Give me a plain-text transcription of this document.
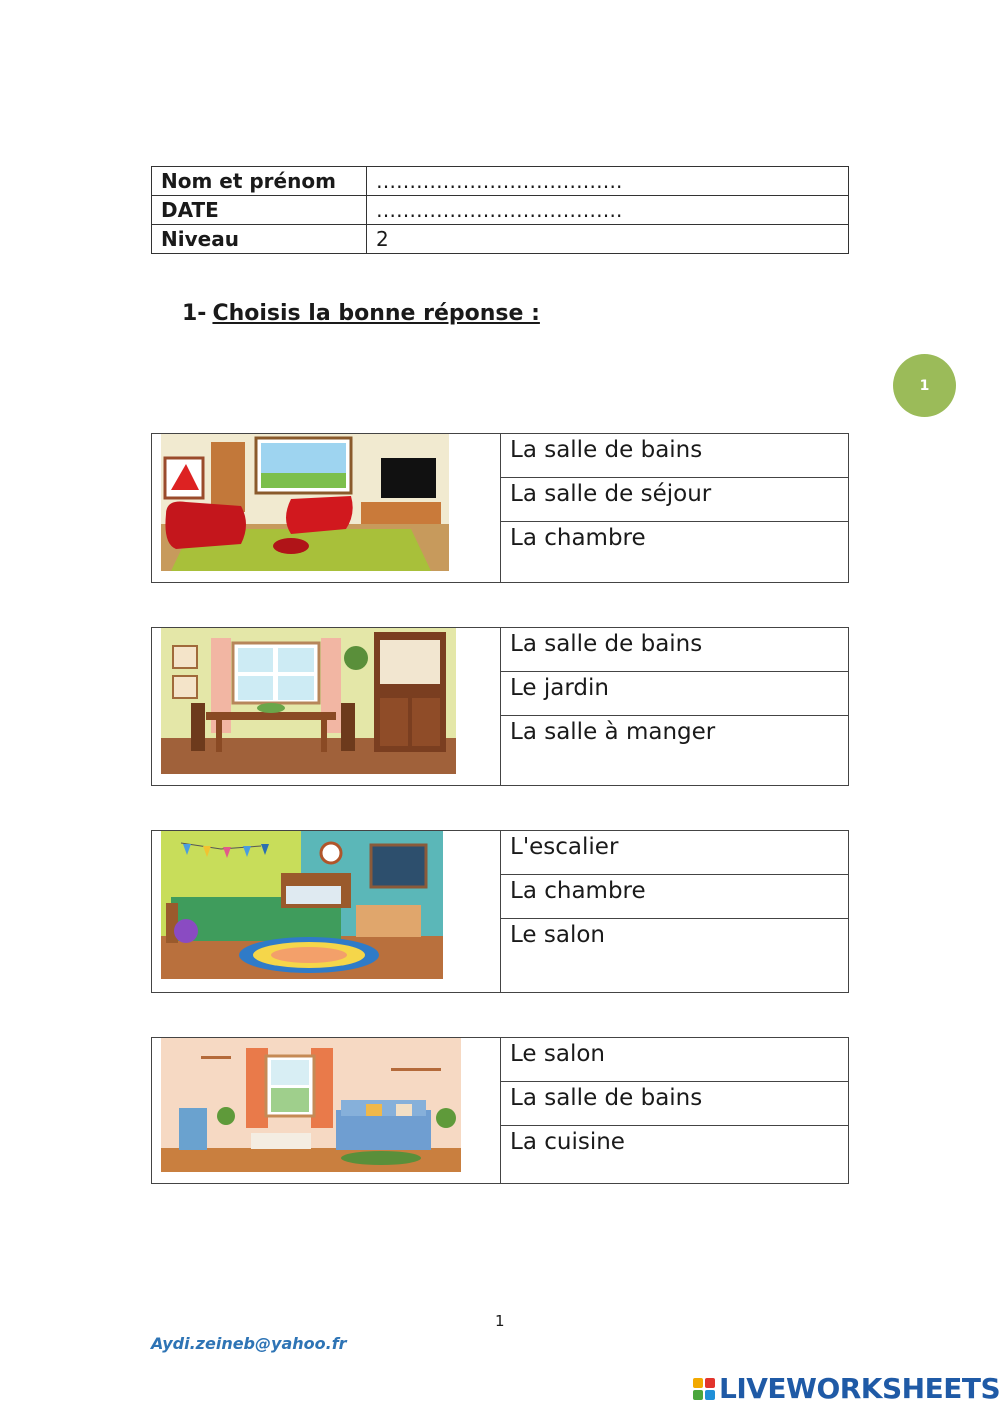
Nom et prénom	……………………………….
DATE	……………………………….
Niveau	2
1- Choisis la bonne réponse :
1
La salle de bains
La salle de séjour
La chambre
La salle de bains
Le jardin
La salle à manger
L'escalier
La chambre
Le salon
Le salon
La salle de bains
La cuisine
1
Aydi.zeineb@yahoo.fr
LIVEWORKSHEETS
